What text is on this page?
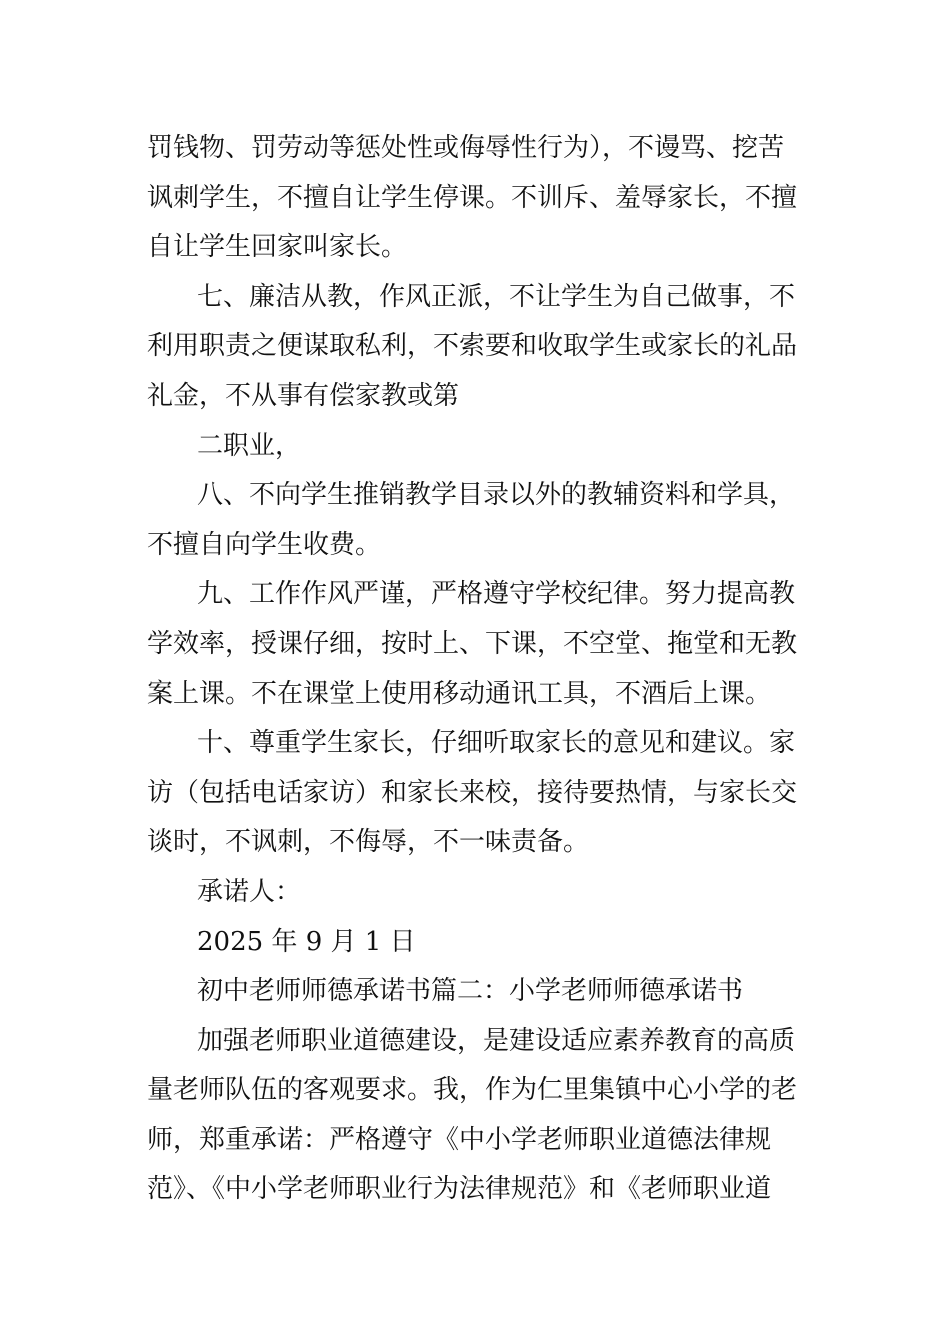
罚钱物、罚劳动等惩处性或侮辱性行为），不谩骂、挖苦
讽刺学生，不擅自让学生停课。不训斥、羞辱家长，不擅
自让学生回家叫家长。
七、廉洁从教，作风正派，不让学生为自己做事，不
利用职责之便谋取私利，不索要和收取学生或家长的礼品
礼金，不从事有偿家教或第
二职业，
八、不向学生推销教学目录以外的教辅资料和学具，
不擅自向学生收费。
九、工作作风严谨，严格遵守学校纪律。努力提高教
学效率，授课仔细，按时上、下课，不空堂、拖堂和无教
案上课。不在课堂上使用移动通讯工具，不酒后上课。
十、尊重学生家长，仔细听取家长的意见和建议。家
访（包括电话家访）和家长来校，接待要热情，与家长交
谈时，不讽刺，不侮辱，不一味责备。
承诺人：
2025 年 9 月 1 日
初中老师师德承诺书篇二：小学老师师德承诺书
加强老师职业道德建设，是建设适应素养教育的高质
量老师队伍的客观要求。我，作为仁里集镇中心小学的老
师，郑重承诺：严格遵守《中小学老师职业道德法律规
范》、《中小学老师职业行为法律规范》和《老师职业道
